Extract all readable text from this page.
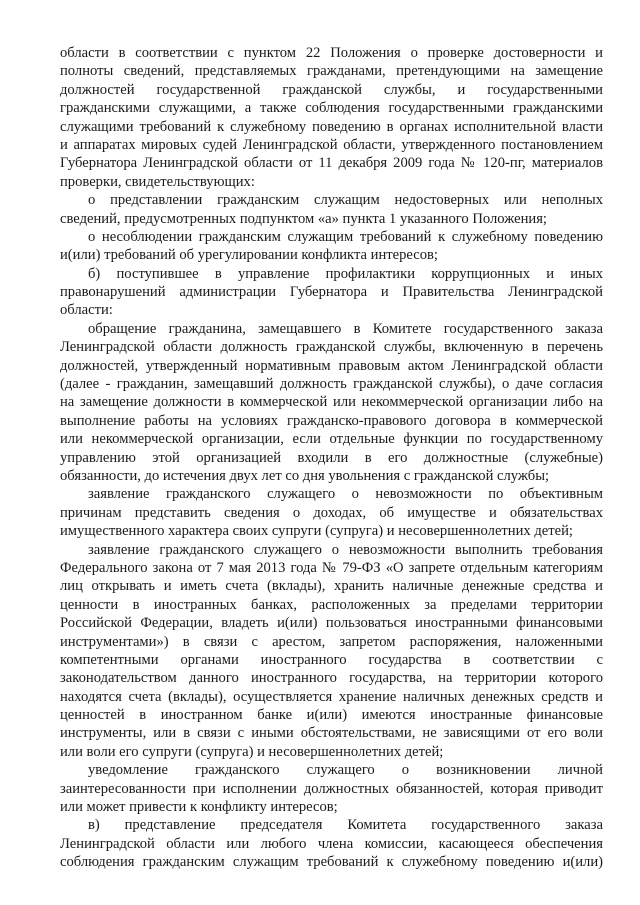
области в соответствии с пунктом 22 Положения о проверке достоверности и
полноты сведений, представляемых гражданами, претендующими на замещение
должностей государственной гражданской службы, и государственными
гражданскими служащими, а также соблюдения государственными гражданскими
служащими требований к служебному поведению в органах исполнительной власти
и аппаратах мировых судей Ленинградской области, утвержденного постановлением
Губернатора Ленинградской области от 11 декабря 2009 года № 120-пг, материалов
проверки, свидетельствующих:
о представлении гражданским служащим недостоверных или неполных
сведений, предусмотренных подпунктом «а» пункта 1 указанного Положения;
о несоблюдении гражданским служащим требований к служебному поведению
и(или) требований об урегулировании конфликта интересов;
б) поступившее в управление профилактики коррупционных и иных
правонарушений администрации Губернатора и Правительства Ленинградской
области:
обращение гражданина, замещавшего в Комитете государственного заказа
Ленинградской области должность гражданской службы, включенную в перечень
должностей, утвержденный нормативным правовым актом Ленинградской области
(далее - гражданин, замещавший должность гражданской службы), о даче согласия
на замещение должности в коммерческой или некоммерческой организации либо на
выполнение работы на условиях гражданско-правового договора в коммерческой
или некоммерческой организации, если отдельные функции по государственному
управлению этой организацией входили в его должностные (служебные)
обязанности, до истечения двух лет со дня увольнения с гражданской службы;
заявление гражданского служащего о невозможности по объективным
причинам представить сведения о доходах, об имуществе и обязательствах
имущественного характера своих супруги (супруга) и несовершеннолетних детей;
заявление гражданского служащего о невозможности выполнить требования
Федерального закона от 7 мая 2013 года № 79-ФЗ «О запрете отдельным категориям
лиц открывать и иметь счета (вклады), хранить наличные денежные средства и
ценности в иностранных банках, расположенных за пределами территории
Российской Федерации, владеть и(или) пользоваться иностранными финансовыми
инструментами») в связи с арестом, запретом распоряжения, наложенными
компетентными органами иностранного государства в соответствии с
законодательством данного иностранного государства, на территории которого
находятся счета (вклады), осуществляется хранение наличных денежных средств и
ценностей в иностранном банке и(или) имеются иностранные финансовые
инструменты, или в связи с иными обстоятельствами, не зависящими от его воли
или воли его супруги (супруга) и несовершеннолетних детей;
уведомление гражданского служащего о возникновении личной
заинтересованности при исполнении должностных обязанностей, которая приводит
или может привести к конфликту интересов;
в) представление председателя Комитета государственного заказа
Ленинградской области или любого члена комиссии, касающееся обеспечения
соблюдения гражданским служащим требований к служебному поведению и(или)
